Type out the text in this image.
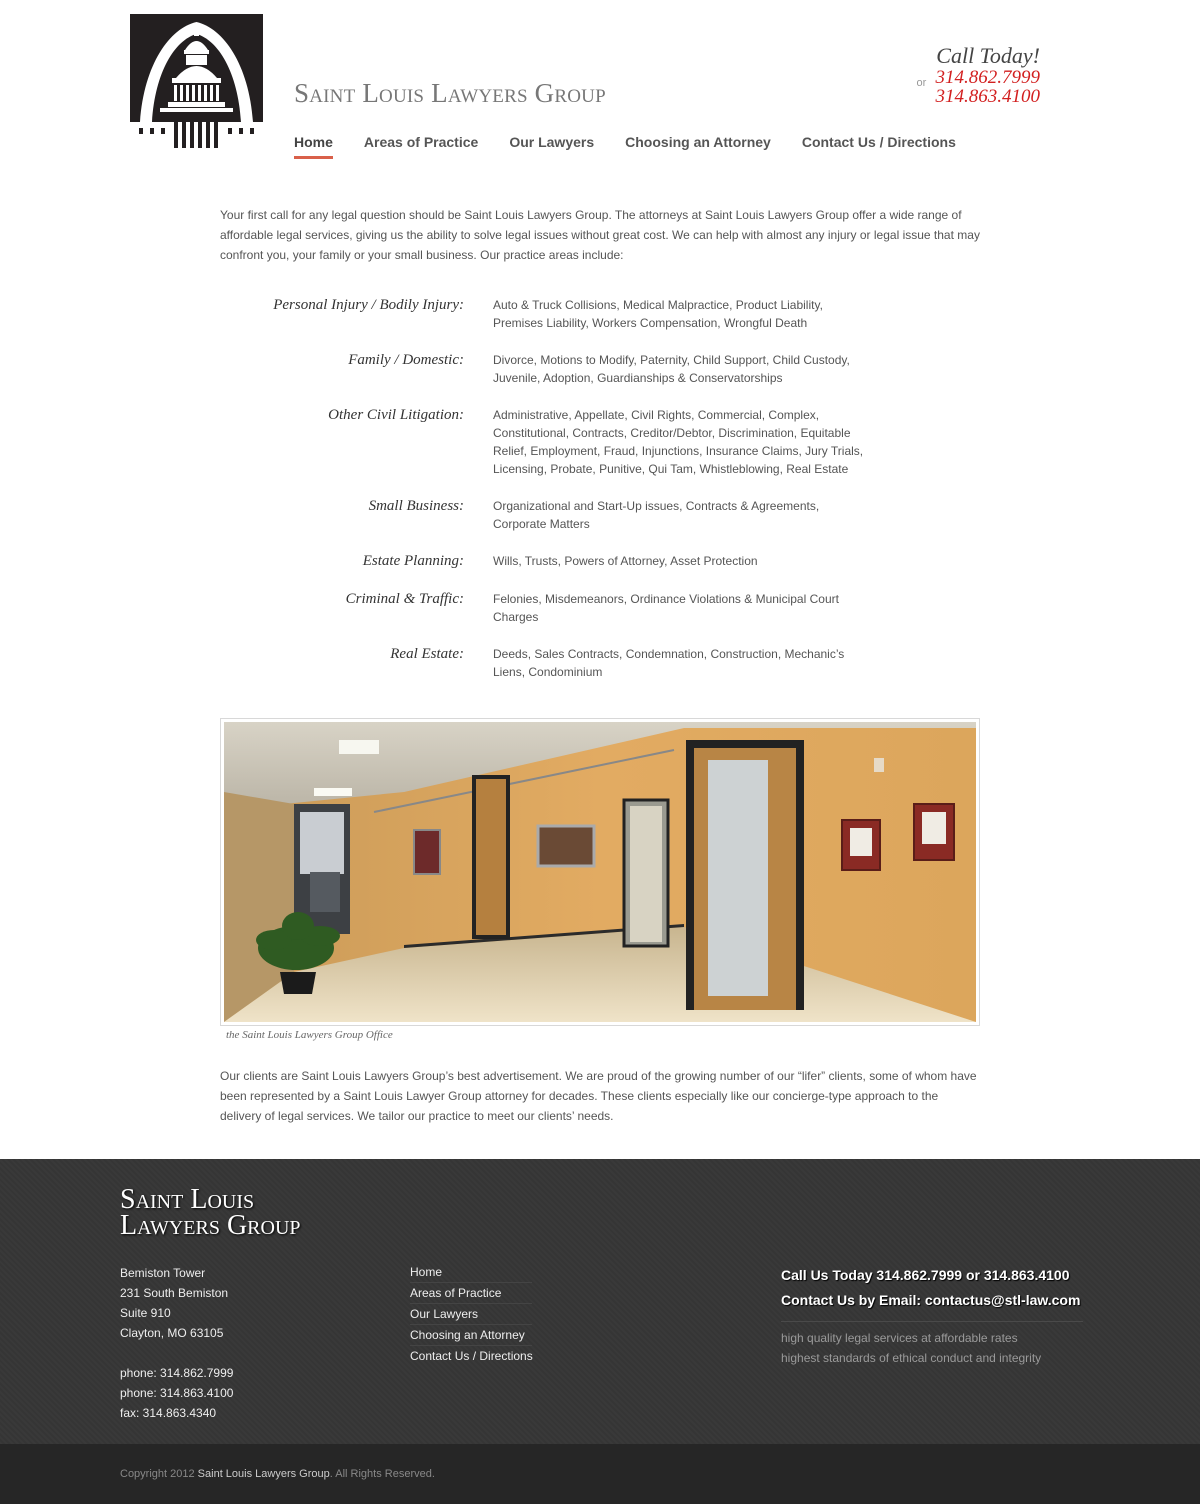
Saint Louis Lawyers Group
Call Today!
or 314.862.7999
314.863.4100
Home Areas of Practice Our Lawyers Choosing an Attorney Contact Us / Directions

Your first call for any legal question should be Saint Louis Lawyers Group. The attorneys at Saint Louis Lawyers Group offer a wide range of affordable legal services, giving us the ability to solve legal issues without great cost. We can help with almost any injury or legal issue that may confront you, your family or your small business. Our practice areas include:

Personal Injury / Bodily Injury:	Auto & Truck Collisions, Medical Malpractice, Product Liability, Premises Liability, Workers Compensation, Wrongful Death
Family / Domestic:	Divorce, Motions to Modify, Paternity, Child Support, Child Custody, Juvenile, Adoption, Guardianships & Conservatorships
Other Civil Litigation:	Administrative, Appellate, Civil Rights, Commercial, Complex, Constitutional, Contracts, Creditor/Debtor, Discrimination, Equitable Relief, Employment, Fraud, Injunctions, Insurance Claims, Jury Trials, Licensing, Probate, Punitive, Qui Tam, Whistleblowing, Real Estate
Small Business:	Organizational and Start-Up issues, Contracts & Agreements, Corporate Matters
Estate Planning:	Wills, Trusts, Powers of Attorney, Asset Protection
Criminal & Traffic:	Felonies, Misdemeanors, Ordinance Violations & Municipal Court Charges
Real Estate:	Deeds, Sales Contracts, Condemnation, Construction, Mechanic’s Liens, Condominium
the Saint Louis Lawyers Group Office

Our clients are Saint Louis Lawyers Group’s best advertisement. We are proud of the growing number of our “lifer” clients, some of whom have been represented by a Saint Louis Lawyer Group attorney for decades. These clients especially like our concierge-type approach to the delivery of legal services. We tailor our practice to meet our clients’ needs.

Saint Louis
Lawyers Group
Bemiston Tower
231 South Bemiston
Suite 910
Clayton, MO 63105
phone: 314.862.7999
phone: 314.863.4100
fax: 314.863.4340
Home
Areas of Practice
Our Lawyers
Choosing an Attorney
Contact Us / Directions
Call Us Today 314.862.7999 or 314.863.4100
Contact Us by Email: contactus@stl-law.com
high quality legal services at affordable rates
highest standards of ethical conduct and integrity
Copyright 2012 Saint Louis Lawyers Group. All Rights Reserved.
